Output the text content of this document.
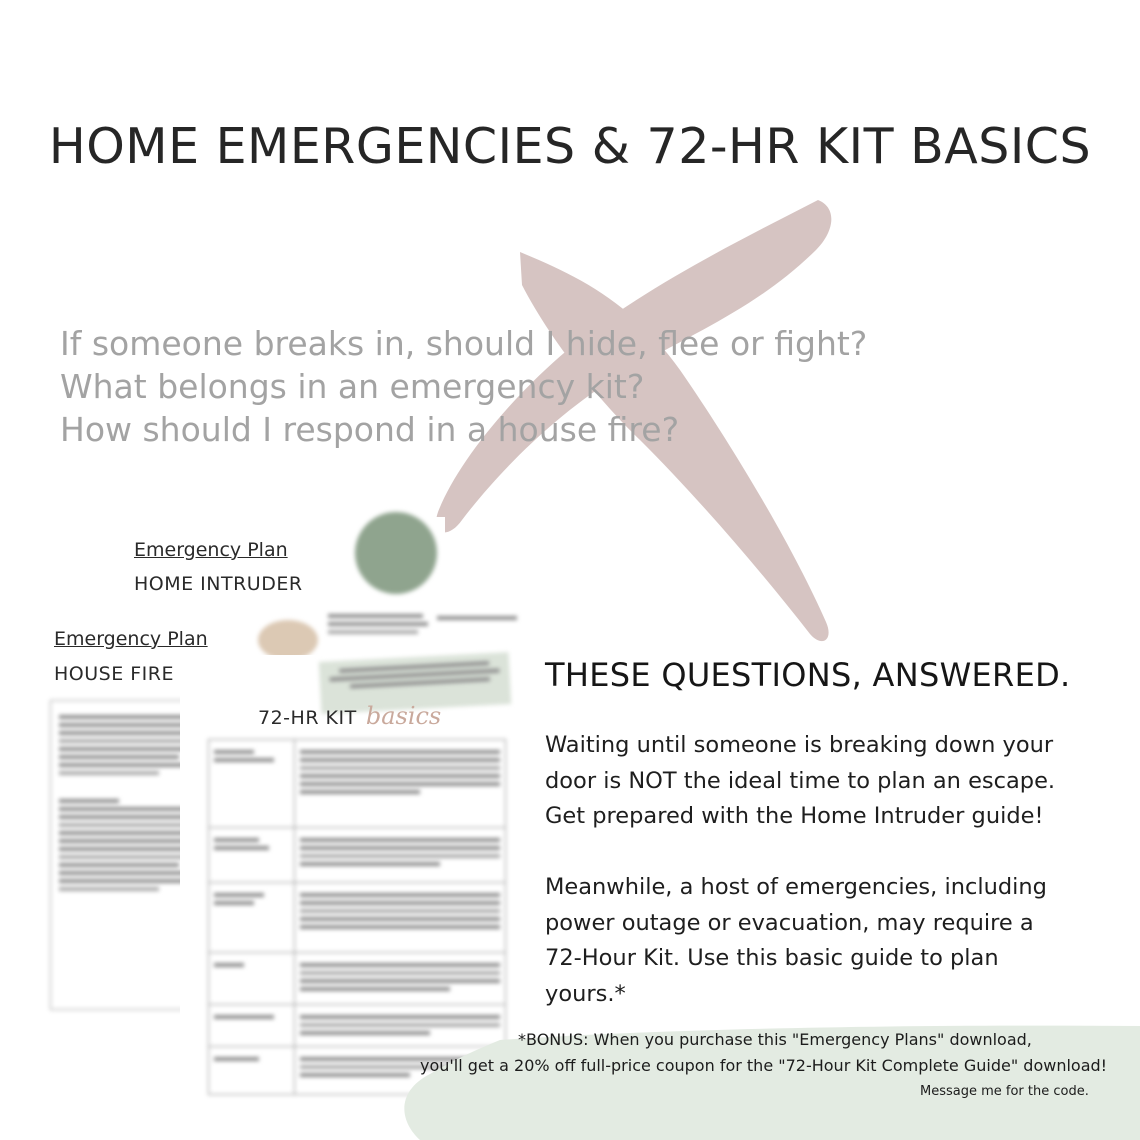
HOME EMERGENCIES & 72-HR KIT BASICS
If someone breaks in, should I hide, flee or fight?
What belongs in an emergency kit?
How should I respond in a house fire?
Emergency Plan
HOME INTRUDER
Emergency Plan
HOUSE FIRE
72-HR KIT basics

THESE QUESTIONS, ANSWERED.
Waiting until someone is breaking down your
door is NOT the ideal time to plan an escape.
Get prepared with the Home Intruder guide!
Meanwhile, a host of emergencies, including
power outage or evacuation, may require a
72-Hour Kit. Use this basic guide to plan
yours.*
*BONUS: When you purchase this "Emergency Plans" download,
you'll get a 20% off full-price coupon for the "72-Hour Kit Complete Guide" download!
Message me for the code.
